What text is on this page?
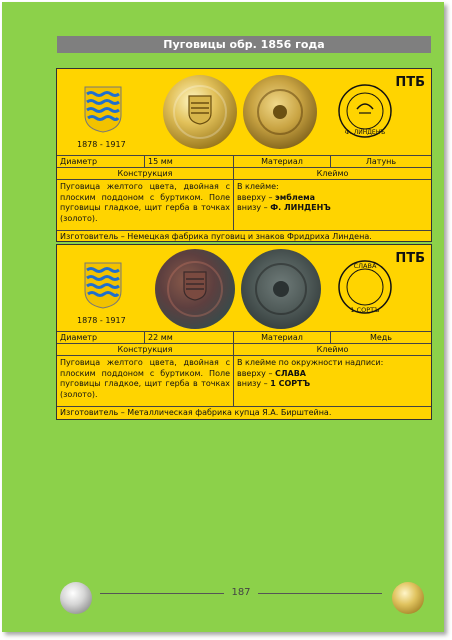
Пуговицы обр. 1856 года
1878 - 1917
Ф. ЛИНДЕНЪ
ПТБ
Диаметр	15 мм	Материал	Латунь
Конструкция	Клеймо
Пуговица желтого цвета, двойная с плоским поддоном с буртиком. Поле пуговицы гладкое, щит герба в точках (золото).
В клейме:
вверху – эмблема
внизу – Ф. ЛИНДЕНЪ
Изготовитель – Немецкая фабрика пуговиц и знаков Фридриха Линдена.
1878 - 1917
СЛАВА
1 СОРТЪ
ПТБ
Диаметр	22 мм	Материал	Медь
Конструкция	Клеймо
Пуговица желтого цвета, двойная с плоским поддоном с буртиком. Поле пуговицы гладкое, щит герба в точках (золото).
В клейме по окружности надписи:
вверху – СЛАВА
внизу – 1 СОРТЪ
Изготовитель – Металлическая фабрика купца Я.А. Бирштейна.
187
